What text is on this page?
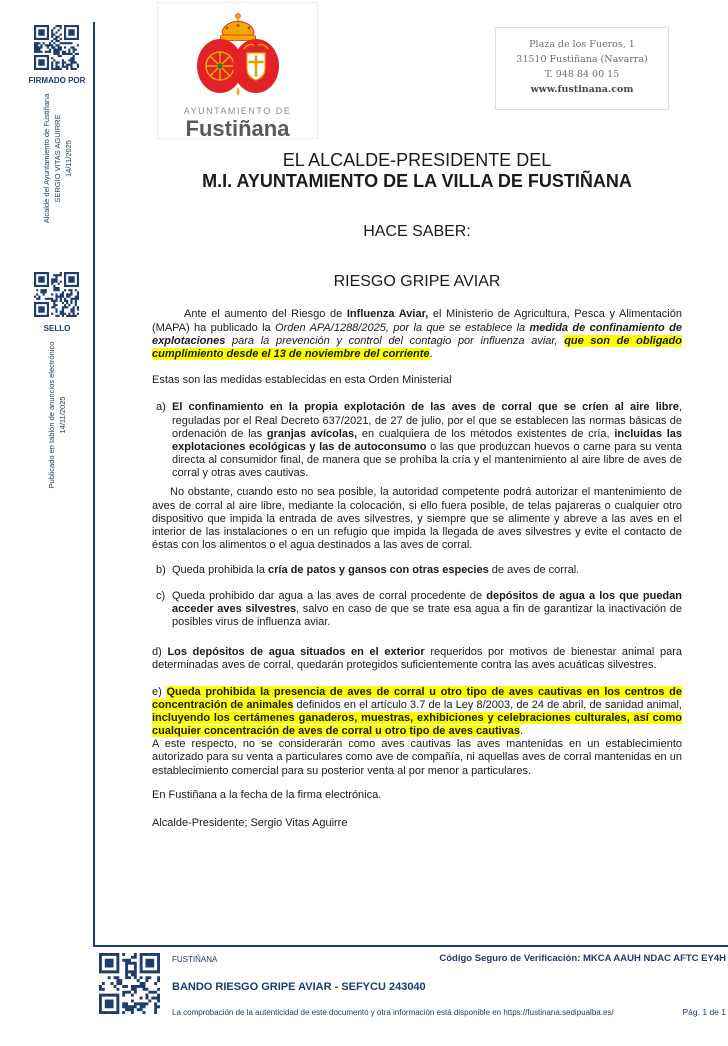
FIRMADO POR
Alcalde del Ayuntamiento de Fustiñana SERGIO VITAS AGUIRRE 14/11/2025
SELLO
Publicado en tablón de anuncios electrónico 14/11/2025
AYUNTAMIENTO DE
Fustiñana
Plaza de los Fueros, 1
31510 Fustiñana (Navarra)
T. 948 84 00 15
www.fustinana.com
EL ALCALDE-PRESIDENTE DEL
M.I. AYUNTAMIENTO DE LA VILLA DE FUSTIÑANA
HACE SABER:
RIESGO GRIPE AVIAR

Ante el aumento del Riesgo de Influenza Aviar, el Ministerio de Agricultura, Pesca y Alimentación (MAPA) ha publicado la Orden APA/1288/2025, por la que se establece la medida de confinamiento de explotaciones para la prevención y control del contagio por influenza aviar, que son de obligado cumplimiento desde el 13 de noviembre del corriente.

Estas son las medidas establecidas en esta Orden Ministerial

a) El confinamiento en la propia explotación de las aves de corral que se críen al aire libre, reguladas por el Real Decreto 637/2021, de 27 de julio, por el que se establecen las normas básicas de ordenación de las granjas avícolas, en cualquiera de los métodos existentes de cría, incluidas las explotaciones ecológicas y las de autoconsumo o las que produzcan huevos o carne para su venta directa al consumidor final, de manera que se prohíba la cría y el mantenimiento al aire libre de aves de corral y otras aves cautivas.

No obstante, cuando esto no sea posible, la autoridad competente podrá autorizar el mantenimiento de aves de corral al aire libre, mediante la colocación, si ello fuera posible, de telas pajareras o cualquier otro dispositivo que impida la entrada de aves silvestres, y siempre que se alimente y abreve a las aves en el interior de las instalaciones o en un refugio que impida la llegada de aves silvestres y evite el contacto de éstas con los alimentos o el agua destinados a las aves de corral.

b) Queda prohibida la cría de patos y gansos con otras especies de aves de corral.
c) Queda prohibido dar agua a las aves de corral procedente de depósitos de agua a los que puedan acceder aves silvestres, salvo en caso de que se trate esa agua a fin de garantizar la inactivación de posibles virus de influenza aviar.

d) Los depósitos de agua situados en el exterior requeridos por motivos de bienestar animal para determinadas aves de corral, quedarán protegidos suficientemente contra las aves acuáticas silvestres.

e) Queda prohibida la presencia de aves de corral u otro tipo de aves cautivas en los centros de concentración de animales definidos en el artículo 3.7 de la Ley 8/2003, de 24 de abril, de sanidad animal, incluyendo los certámenes ganaderos, muestras, exhibiciones y celebraciones culturales, así como cualquier concentración de aves de corral u otro tipo de aves cautivas.

A este respecto, no se considerarán como aves cautivas las aves mantenidas en un establecimiento autorizado para su venta a particulares como ave de compañía, ni aquellas aves de corral mantenidas en un establecimiento comercial para su posterior venta al por menor a particulares.

En Fustiñana a la fecha de la firma electrónica.

Alcalde-Presidente; Sergio Vitas Aguirre

FUSTIÑANA	Código Seguro de Verificación: MKCA AAUH NDAC AFTC EY4H
BANDO RIESGO GRIPE AVIAR - SEFYCU 243040
La comprobación de la autenticidad de este documento y otra información está disponible en https://fustinana.sedipualba.es/	Pág. 1 de 1
